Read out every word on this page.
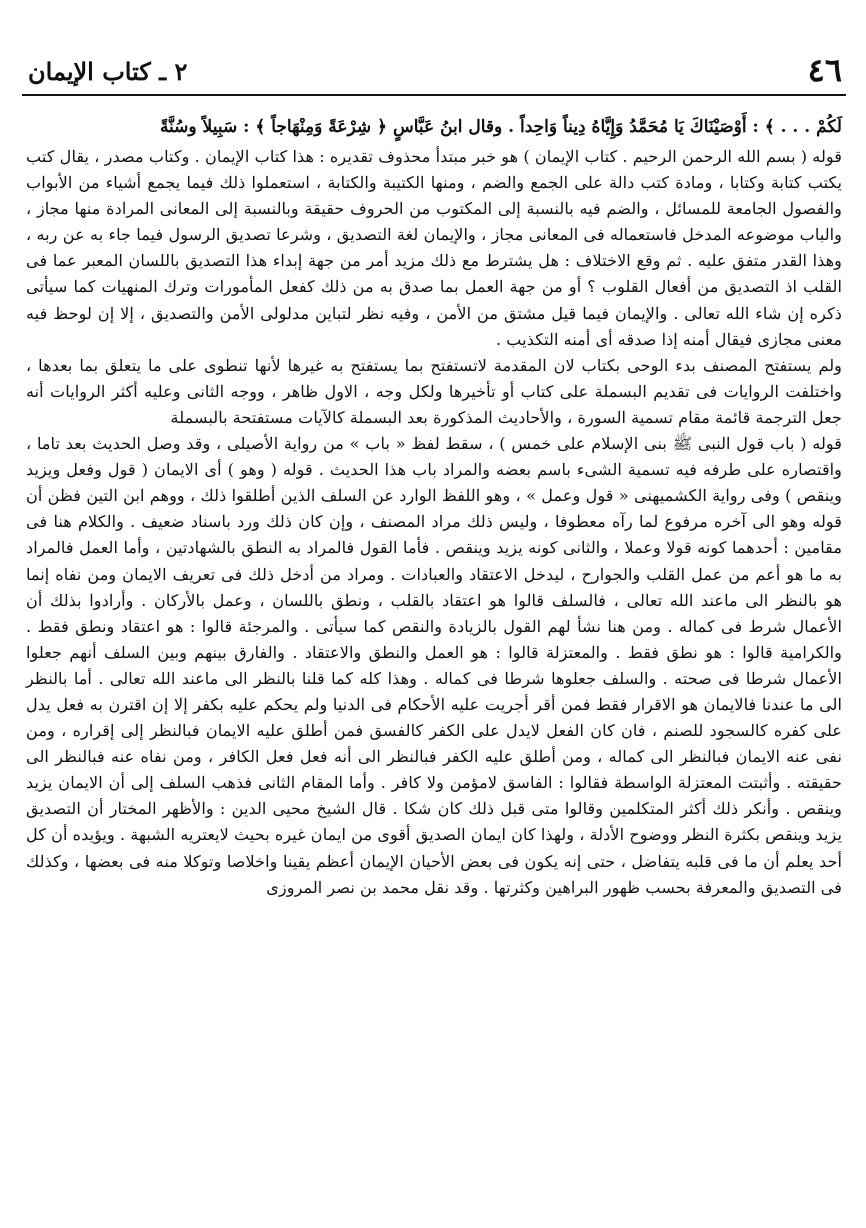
٤٦
٢ ـ كتاب الإيمان

لَكُمْ . . . ﴾ : أَوْصَيْنَاكَ يَا مُحَمَّدُ وَإِيَّاهُ دِيناً وَاحِداً . وقال ابنُ عَبَّاسٍ ﴿ شِرْعَةً وَمِنْهَاجاً ﴾ : سَبِيلاً وسُنَّةً

قوله ( بسم الله الرحمن الرحيم . كتاب الإيمان ) هو خبر مبتدأ محذوف تقديره : هذا كتاب الإيمان . وكتاب مصدر ، يقال كتب يكتب كتابة وكتابا ، ومادة كتب دالة على الجمع والضم ، ومنها الكتيبة والكتابة ، استعملوا ذلك فيما يجمع أشياء من الأبواب والفصول الجامعة للمسائل ، والضم فيه بالنسبة إلى المكتوب من الحروف حقيقة وبالنسبة إلى المعانى المرادة منها مجاز ، والباب موضوعه المدخل فاستعماله فى المعانى مجاز ، والإيمان لغة التصديق ، وشرعا تصديق الرسول فيما جاء به عن ربه ، وهذا القدر متفق عليه . ثم وقع الاختلاف : هل يشترط مع ذلك مزيد أمر من جهة إبداء هذا التصديق باللسان المعبر عما فى القلب اذ التصديق من أفعال القلوب ؟ أو من جهة العمل بما صدق به من ذلك كفعل المأمورات وترك المنهيات كما سيأتى ذكره إن شاء الله تعالى . والإيمان فيما قيل مشتق من الأمن ، وفيه نظر لتباين مدلولى الأمن والتصديق ، إلا إن لوحظ فيه معنى مجازى فيقال أمنه إذا صدقه أى أمنه التكذيب .

ولم يستفتح المصنف بدء الوحى بكتاب لان المقدمة لاتستفتح بما يستفتح به غيرها لأنها تنطوى على ما يتعلق بما بعدها ، واختلفت الروايات فى تقديم البسملة على كتاب أو تأخيرها ولكل وجه ، الاول ظاهر ، ووجه الثانى وعليه أكثر الروايات أنه جعل الترجمة قائمة مقام تسمية السورة ، والأحاديث المذكورة بعد البسملة كالآيات مستفتحة بالبسملة

قوله ( باب قول النبى ﷺ بنى الإسلام على خمس ) ، سقط لفظ « باب » من رواية الأصيلى ، وقد وصل الحديث بعد تاما ، واقتصاره على طرفه فيه تسمية الشىء باسم بعضه والمراد باب هذا الحديث . قوله ( وهو ) أى الايمان ( قول وفعل ويزيد وينقص ) وفى رواية الكشميهنى « قول وعمل » ، وهو اللفظ الوارد عن السلف الذين أطلقوا ذلك ، ووهم ابن التين فظن أن قوله وهو الى آخره مرفوع لما رآه معطوفا ، وليس ذلك مراد المصنف ، وإن كان ذلك ورد باسناد ضعيف . والكلام هنا فى مقامين : أحدهما كونه قولا وعملا ، والثانى كونه يزيد وينقص . فأما القول فالمراد به النطق بالشهادتين ، وأما العمل فالمراد به ما هو أعم من عمل القلب والجوارح ، ليدخل الاعتقاد والعبادات . ومراد من أدخل ذلك فى تعريف الايمان ومن نفاه إنما هو بالنظر الى ماعند الله تعالى ، فالسلف قالوا هو اعتقاد بالقلب ، ونطق باللسان ، وعمل بالأركان . وأرادوا بذلك أن الأعمال شرط فى كماله . ومن هنا نشأ لهم القول بالزيادة والنقص كما سيأتى . والمرجئة قالوا : هو اعتقاد ونطق فقط . والكرامية قالوا : هو نطق فقط . والمعتزلة قالوا : هو العمل والنطق والاعتقاد . والفارق بينهم وبين السلف أنهم جعلوا الأعمال شرطا فى صحته . والسلف جعلوها شرطا فى كماله . وهذا كله كما قلنا بالنظر الى ماعند الله تعالى . أما بالنظر الى ما عندنا فالايمان هو الاقرار فقط فمن أقر أجريت عليه الأحكام فى الدنيا ولم يحكم عليه بكفر إلا إن اقترن به فعل يدل على كفره كالسجود للصنم ، فان كان الفعل لايدل على الكفر كالفسق فمن أطلق عليه الايمان فبالنظر إلى إقراره ، ومن نفى عنه الايمان فبالنظر الى كماله ، ومن أطلق عليه الكفر فبالنظر الى أنه فعل فعل الكافر ، ومن نفاه عنه فبالنظر الى حقيقته . وأثبتت المعتزلة الواسطة فقالوا : الفاسق لامؤمن ولا كافر . وأما المقام الثانى فذهب السلف إلى أن الايمان يزيد وينقص . وأنكر ذلك أكثر المتكلمين وقالوا متى قبل ذلك كان شكا . قال الشيخ محيى الدين : والأظهر المختار أن التصديق يزيد وينقص بكثرة النظر ووضوح الأدلة ، ولهذا كان ايمان الصديق أقوى من ايمان غيره بحيث لايعتريه الشبهة . ويؤيده أن كل أحد يعلم أن ما فى قلبه يتفاضل ، حتى إنه يكون فى بعض الأحيان الإيمان أعظم يقينا واخلاصا وتوكلا منه فى بعضها ، وكذلك فى التصديق والمعرفة بحسب ظهور البراهين وكثرتها . وقد نقل محمد بن نصر المروزى
